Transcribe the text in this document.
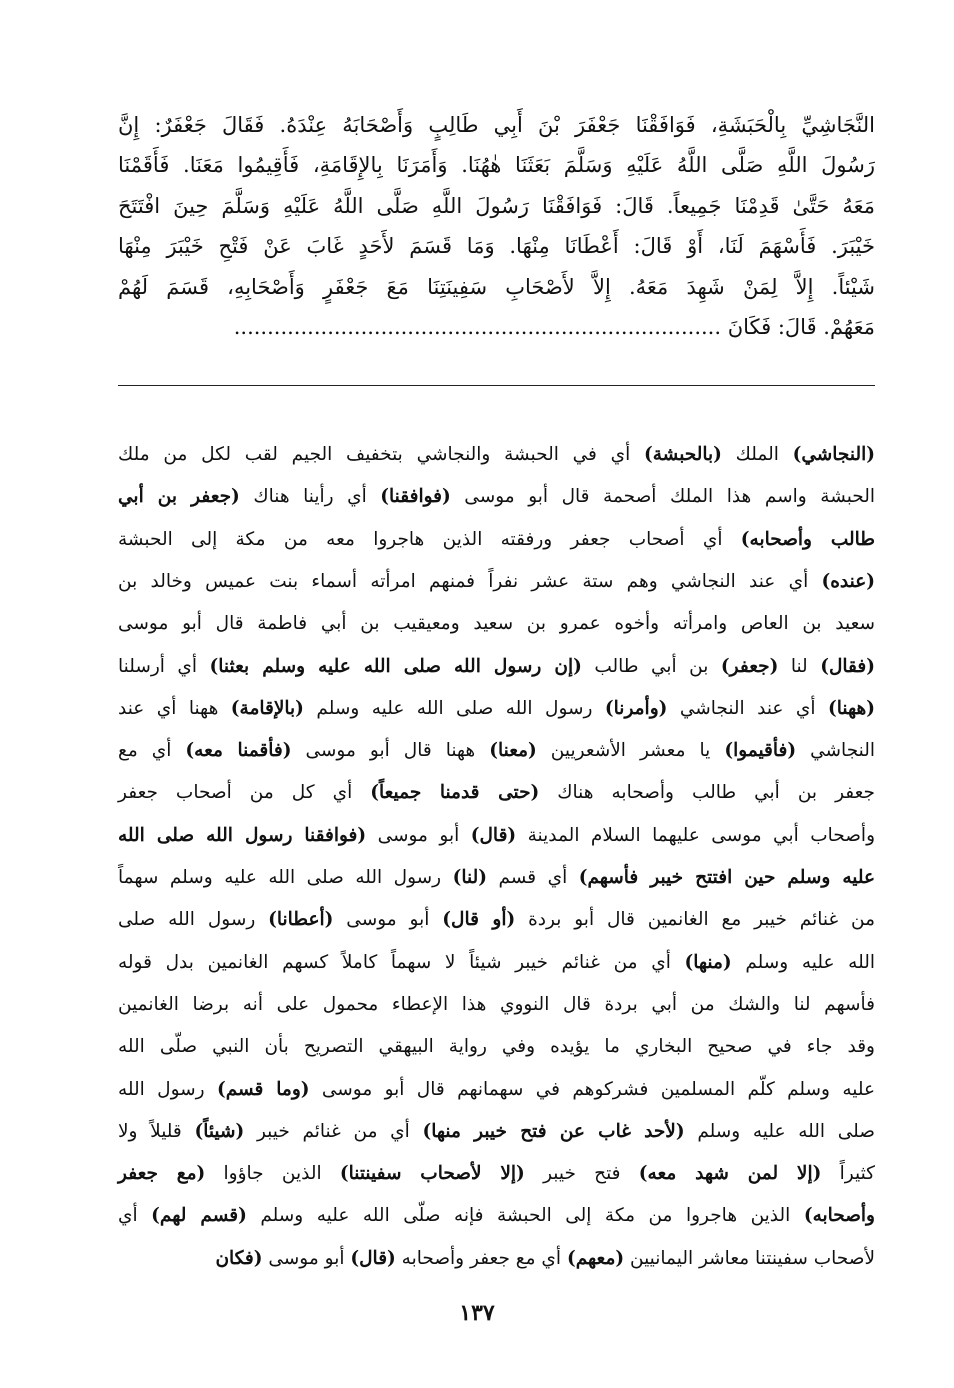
النَّجَاشِيِّ بِالْحَبَشَةِ، فَوَافَقْنَا جَعْفَرَ بْنَ أَبِي طَالِبٍ وَأَصْحَابَهُ عِنْدَهُ. فَقَالَ جَعْفَرٌ: إِنَّ
رَسُولَ اللَّهِ صَلَّى اللَّهُ عَلَيْهِ وَسَلَّمَ بَعَثَنَا هٰهُنَا. وَأَمَرَنَا بِالإِقَامَةِ، فَأَقِيمُوا مَعَنَا. فَأَقَمْنَا
مَعَهُ حَتَّىٰ قَدِمْنَا جَمِيعاً. قَالَ: فَوَافَقْنَا رَسُولَ اللَّهِ صَلَّى اللَّهُ عَلَيْهِ وَسَلَّمَ حِينَ افْتَتَحَ
خَيْبَرَ. فَأَسْهَمَ لَنَا، أَوْ قَالَ: أَعْطَانَا مِنْهَا. وَمَا قَسَمَ لأَحَدٍ غَابَ عَنْ فَتْحِ خَيْبَرَ مِنْهَا
شَيْئاً. إِلاَّ لِمَنْ شَهِدَ مَعَهُ. إِلاَّ لأَصْحَابِ سَفِينَتِنَا مَعَ جَعْفَرٍ وَأَصْحَابِهِ، قَسَمَ لَهُمْ
مَعَهُمْ. قَالَ: فَكَانَ .........................................................................
(النجاشي) الملك (بالحبشة) أي في الحبشة والنجاشي بتخفيف الجيم لقب لكل من ملك
الحبشة واسم هذا الملك أصحمة قال أبو موسى (فوافقنا) أي رأينا هناك (جعفر بن أبي
طالب وأصحابه) أي أصحاب جعفر ورفقته الذين هاجروا معه من مكة إلى الحبشة
(عنده) أي عند النجاشي وهم ستة عشر نفراً فمنهم امرأته أسماء بنت عميس وخالد بن
سعيد بن العاص وامرأته وأخوه عمرو بن سعيد ومعيقيب بن أبي فاطمة قال أبو موسى
(فقال) لنا (جعفر) بن أبي طالب (إن رسول الله صلى الله عليه وسلم بعثنا) أي أرسلنا
(ههنا) أي عند النجاشي (وأمرنا) رسول الله صلى الله عليه وسلم (بالإقامة) ههنا أي عند
النجاشي (فأقيموا) يا معشر الأشعريين (معنا) ههنا قال أبو موسى (فأقمنا معه) أي مع
جعفر بن أبي طالب وأصحابه هناك (حتى قدمنا جميعاً) أي كل من أصحاب جعفر
وأصحاب أبي موسى عليهما السلام المدينة (قال) أبو موسى (فوافقنا رسول الله صلى الله
عليه وسلم حين افتتح خيبر فأسهم) أي قسم (لنا) رسول الله صلى الله عليه وسلم سهماً
من غنائم خيبر مع الغانمين قال أبو بردة (أو قال) أبو موسى (أعطانا) رسول الله صلى
الله عليه وسلم (منها) أي من غنائم خيبر شيئاً لا سهماً كاملاً كسهم الغانمين بدل قوله
فأسهم لنا والشك من أبي بردة قال النووي هذا الإعطاء محمول على أنه برضا الغانمين
وقد جاء في صحيح البخاري ما يؤيده وفي رواية البيهقي التصريح بأن النبي صلّى الله
عليه وسلم كلّم المسلمين فشركوهم في سهمانهم قال أبو موسى (وما قسم) رسول الله
صلى الله عليه وسلم (لأحد غاب عن فتح خيبر منها) أي من غنائم خيبر (شيئاً) قليلاً ولا
كثيراً (إلا لمن شهد معه) فتح خيبر (إلا لأصحاب سفينتنا) الذين جاؤوا (مع جعفر
وأصحابه) الذين هاجروا من مكة إلى الحبشة فإنه صلّى الله عليه وسلم (قسم لهم) أي
لأصحاب سفينتنا معاشر اليمانيين (معهم) أي مع جعفر وأصحابه (قال) أبو موسى (فكان
١٣٧
